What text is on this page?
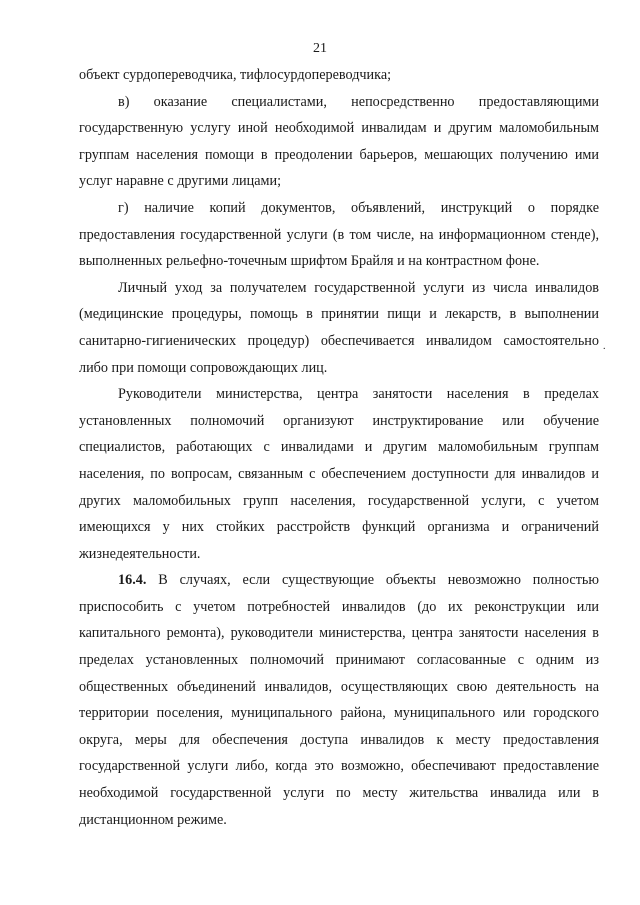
21

объект сурдопереводчика, тифлосурдопереводчика;

в) оказание специалистами, непосредственно предоставляющими государственную услугу иной необходимой инвалидам и другим маломобильным группам населения помощи в преодолении барьеров, мешающих получению ими услуг наравне с другими лицами;

г) наличие копий документов, объявлений, инструкций о порядке предоставления государственной услуги (в том числе, на информационном стенде), выполненных рельефно-точечным шрифтом Брайля и на контрастном фоне.

Личный уход за получателем государственной услуги из числа инвалидов (медицинские процедуры, помощь в принятии пищи и лекарств, в выполнении санитарно-гигиенических процедур) обеспечивается инвалидом самостоятельно либо при помощи сопровождающих лиц.

Руководители министерства, центра занятости населения в пределах установленных полномочий организуют инструктирование или обучение специалистов, работающих с инвалидами и другим маломобильным группам населения, по вопросам, связанным с обеспечением доступности для инвалидов и других маломобильных групп населения, государственной услуги, с учетом имеющихся у них стойких расстройств функций организма и ограничений жизнедеятельности.

16.4. В случаях, если существующие объекты невозможно полностью приспособить с учетом потребностей инвалидов (до их реконструкции или капитального ремонта), руководители министерства, центра занятости населения в пределах установленных полномочий принимают согласованные с одним из общественных объединений инвалидов, осуществляющих свою деятельность на территории поселения, муниципального района, муниципального или городского округа, меры для обеспечения доступа инвалидов к месту предоставления государственной услуги либо, когда это возможно, обеспечивают предоставление необходимой государственной услуги по месту жительства инвалида или в дистанционном режиме.

.
